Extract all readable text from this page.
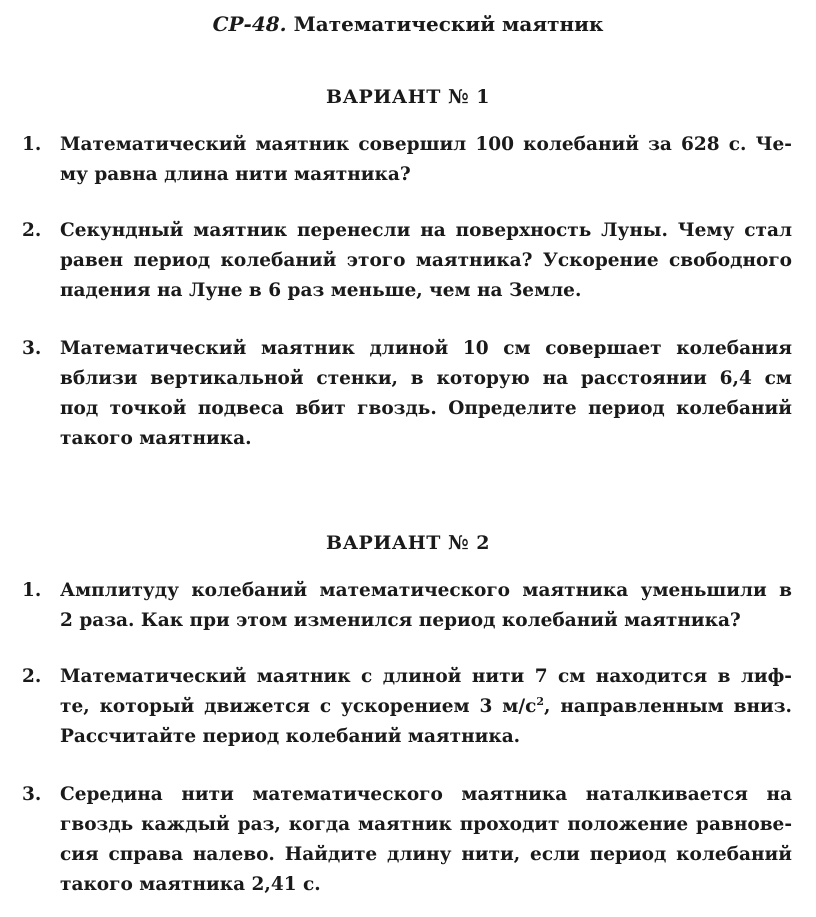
СР-48. Математический маятник
ВАРИАНТ № 1
1.	Математический маятник совершил 100 колебаний за 628 с. Че-
му равна длина нити маятника?
2.	Секундный маятник перенесли на поверхность Луны. Чему стал
равен период колебаний этого маятника? Ускорение свободного
падения на Луне в 6 раз меньше, чем на Земле.
3.	Математический маятник длиной 10 см совершает колебания
вблизи вертикальной стенки, в которую на расстоянии 6,4 см
под точкой подвеса вбит гвоздь. Определите период колебаний
такого маятника.
ВАРИАНТ № 2
1.	Амплитуду колебаний математического маятника уменьшили в
2 раза. Как при этом изменился период колебаний маятника?
2.	Математический маятник с длиной нити 7 см находится в лиф-
те, который движется с ускорением 3 $м/с^2$, направленным вниз.
Рассчитайте период колебаний маятника.
3.	Середина нити математического маятника наталкивается на
гвоздь каждый раз, когда маятник проходит положение равнове-
сия справа налево. Найдите длину нити, если период колебаний
такого маятника 2,41 с.
